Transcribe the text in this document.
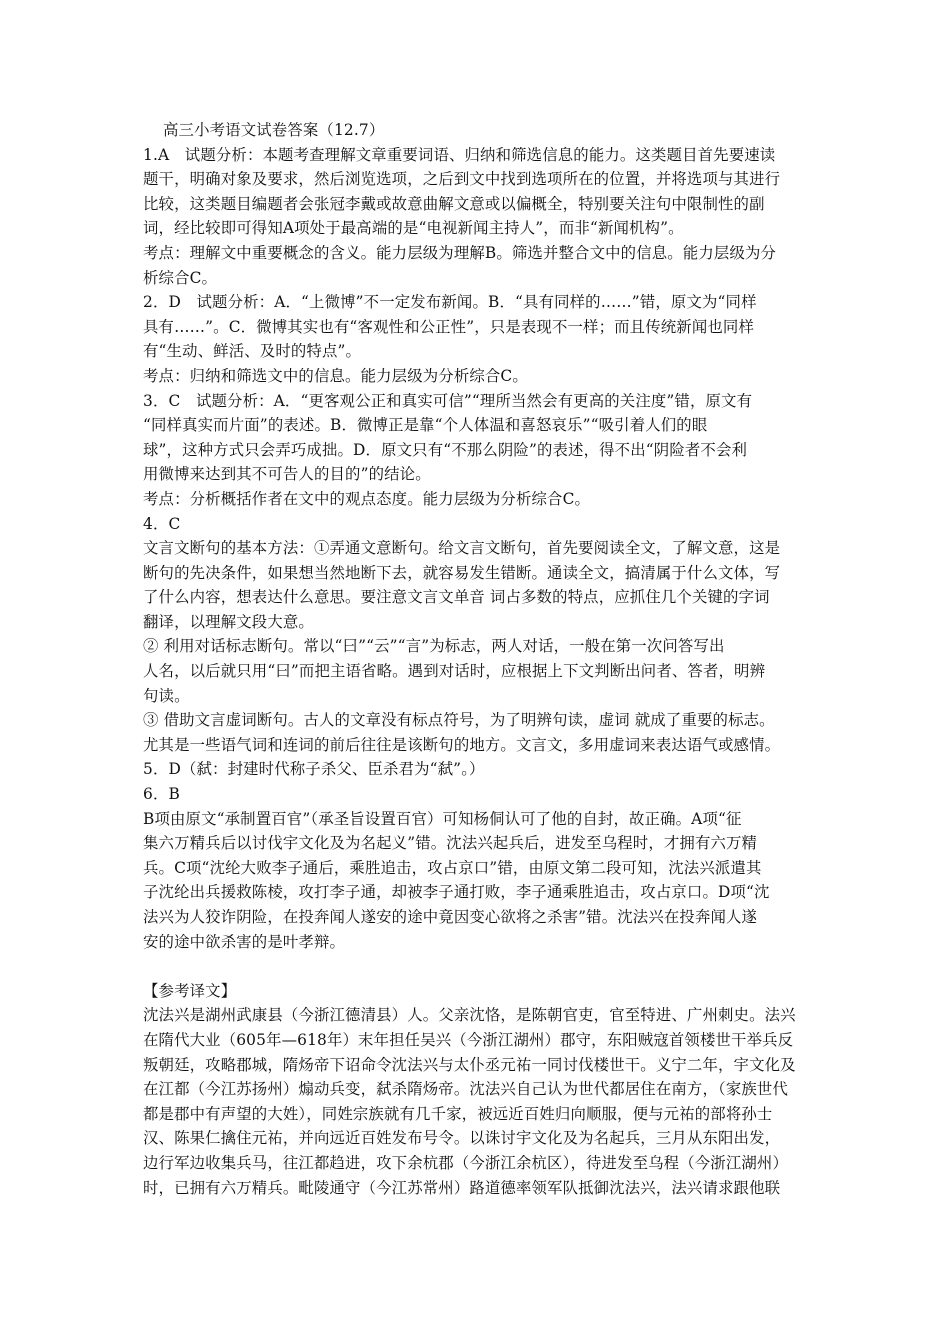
高三小考语文试卷答案（12.7）

1.A　试题分析：本题考查理解文章重要词语、归纳和筛选信息的能力。这类题目首先要速读

题干，明确对象及要求，然后浏览选项，之后到文中找到选项所在的位置，并将选项与其进行

比较，这类题目编题者会张冠李戴或故意曲解文意或以偏概全，特别要关注句中限制性的副

词，经比较即可得知A项处于最高端的是“电视新闻主持人”，而非“新闻机构”。

考点：理解文中重要概念的含义。能力层级为理解B。筛选并整合文中的信息。能力层级为分

析综合C。

2．D　试题分析：A．“上微博”不一定发布新闻。B．“具有同样的……”错，原文为“同样

具有……”。C．微博其实也有“客观性和公正性”，只是表现不一样；而且传统新闻也同样

有“生动、鲜活、及时的特点”。

考点：归纳和筛选文中的信息。能力层级为分析综合C。

3．C　试题分析：A．“更客观公正和真实可信”“理所当然会有更高的关注度”错，原文有

“同样真实而片面”的表述。B．微博正是靠“个人体温和喜怒哀乐”“吸引着人们的眼

球”，这种方式只会弄巧成拙。D．原文只有“不那么阴险”的表述，得不出“阴险者不会利

用微博来达到其不可告人的目的”的结论。

考点：分析概括作者在文中的观点态度。能力层级为分析综合C。

4．C

文言文断句的基本方法：①弄通文意断句。给文言文断句，首先要阅读全文，了解文意，这是

断句的先决条件，如果想当然地断下去，就容易发生错断。通读全文，搞清属于什么文体，写

了什么内容，想表达什么意思。要注意文言文单音 词占多数的特点，应抓住几个关键的字词

翻译，以理解文段大意。

② 利用对话标志断句。常以“曰”“云”“言”为标志，两人对话，一般在第一次问答写出

人名，以后就只用“曰”而把主语省略。遇到对话时，应根据上下文判断出问者、答者，明辨

句读。

③ 借助文言虚词断句。古人的文章没有标点符号，为了明辨句读，虚词 就成了重要的标志。

尤其是一些语气词和连词的前后往往是该断句的地方。文言文，多用虚词来表达语气或感情。

5．D（弑：封建时代称子杀父、臣杀君为“弑”。）

6．B

B项由原文“承制置百官”（承圣旨设置百官）可知杨侗认可了他的自封，故正确。A项“征

集六万精兵后以讨伐宇文化及为名起义”错。沈法兴起兵后，进发至乌程时，才拥有六万精

兵。C项“沈纶大败李子通后，乘胜追击，攻占京口”错，由原文第二段可知，沈法兴派遣其

子沈纶出兵援救陈棱，攻打李子通，却被李子通打败，李子通乘胜追击，攻占京口。D项“沈

法兴为人狡诈阴险，在投奔闻人遂安的途中竟因变心欲将之杀害”错。沈法兴在投奔闻人遂

安的途中欲杀害的是叶孝辩。

【参考译文】

沈法兴是湖州武康县（今浙江德清县）人。父亲沈恪，是陈朝官吏，官至特进、广州刺史。法兴

在隋代大业（605年—618年）末年担任吴兴（今浙江湖州）郡守，东阳贼寇首领楼世干举兵反

叛朝廷，攻略郡城，隋炀帝下诏命令沈法兴与太仆丞元祐一同讨伐楼世干。义宁二年，宇文化及

在江都（今江苏扬州）煽动兵变，弑杀隋炀帝。沈法兴自己认为世代都居住在南方，（家族世代

都是郡中有声望的大姓），同姓宗族就有几千家，被远近百姓归向顺服，便与元祐的部将孙士

汉、陈果仁擒住元祐，并向远近百姓发布号令。以诛讨宇文化及为名起兵，三月从东阳出发，

边行军边收集兵马，往江都趋进，攻下余杭郡（今浙江余杭区），待进发至乌程（今浙江湖州）

时，已拥有六万精兵。毗陵通守（今江苏常州）路道德率领军队抵御沈法兴，法兴请求跟他联
